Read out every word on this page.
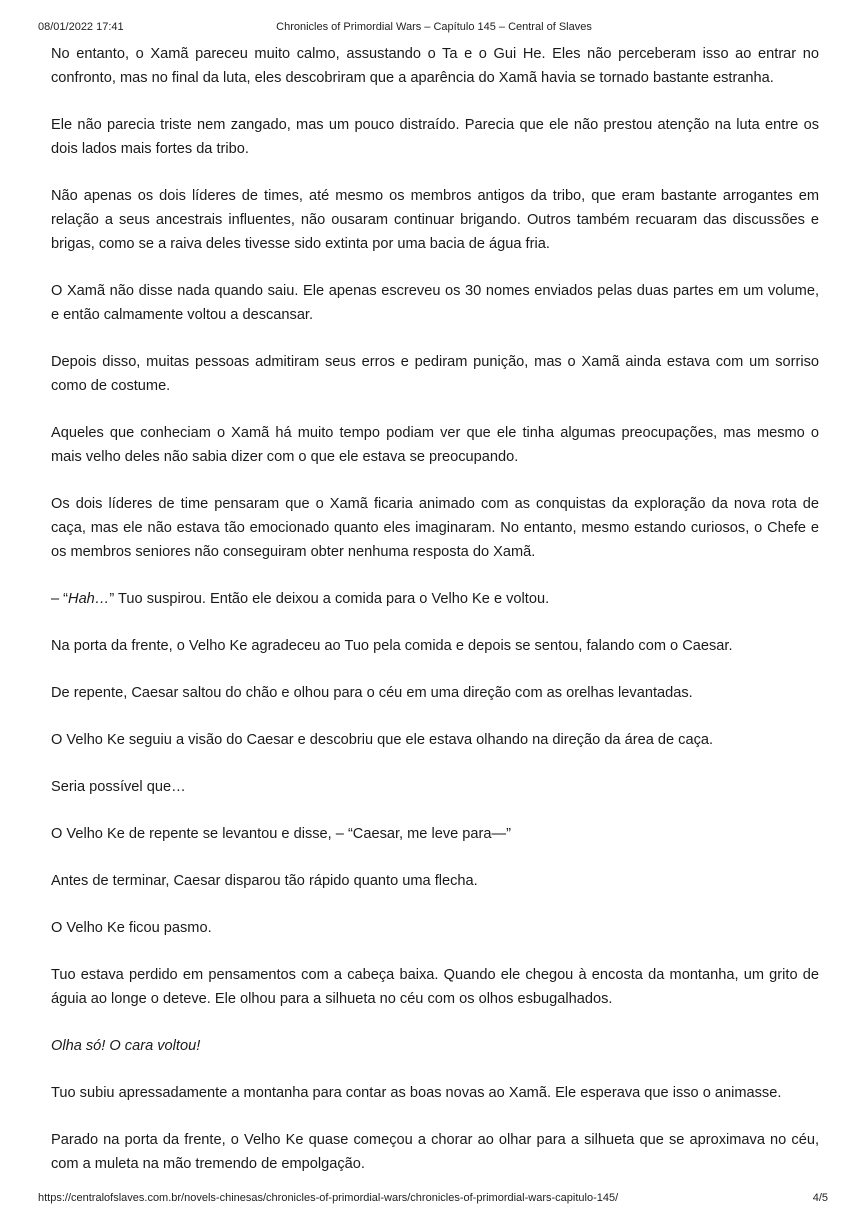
08/01/2022 17:41	Chronicles of Primordial Wars – Capítulo 145 – Central of Slaves

No entanto, o Xamã pareceu muito calmo, assustando o Ta e o Gui He. Eles não perceberam isso ao entrar no confronto, mas no final da luta, eles descobriram que a aparência do Xamã havia se tornado bastante estranha.

Ele não parecia triste nem zangado, mas um pouco distraído. Parecia que ele não prestou atenção na luta entre os dois lados mais fortes da tribo.

Não apenas os dois líderes de times, até mesmo os membros antigos da tribo, que eram bastante arrogantes em relação a seus ancestrais influentes, não ousaram continuar brigando. Outros também recuaram das discussões e brigas, como se a raiva deles tivesse sido extinta por uma bacia de água fria.

O Xamã não disse nada quando saiu. Ele apenas escreveu os 30 nomes enviados pelas duas partes em um volume, e então calmamente voltou a descansar.

Depois disso, muitas pessoas admitiram seus erros e pediram punição, mas o Xamã ainda estava com um sorriso como de costume.

Aqueles que conheciam o Xamã há muito tempo podiam ver que ele tinha algumas preocupações, mas mesmo o mais velho deles não sabia dizer com o que ele estava se preocupando.

Os dois líderes de time pensaram que o Xamã ficaria animado com as conquistas da exploração da nova rota de caça, mas ele não estava tão emocionado quanto eles imaginaram. No entanto, mesmo estando curiosos, o Chefe e os membros seniores não conseguiram obter nenhuma resposta do Xamã.

– “Hah…” Tuo suspirou. Então ele deixou a comida para o Velho Ke e voltou.

Na porta da frente, o Velho Ke agradeceu ao Tuo pela comida e depois se sentou, falando com o Caesar.

De repente, Caesar saltou do chão e olhou para o céu em uma direção com as orelhas levantadas.

O Velho Ke seguiu a visão do Caesar e descobriu que ele estava olhando na direção da área de caça.

Seria possível que…

O Velho Ke de repente se levantou e disse, – “Caesar, me leve para—”

Antes de terminar, Caesar disparou tão rápido quanto uma flecha.

O Velho Ke ficou pasmo.

Tuo estava perdido em pensamentos com a cabeça baixa. Quando ele chegou à encosta da montanha, um grito de águia ao longe o deteve. Ele olhou para a silhueta no céu com os olhos esbugalhados.

Olha só! O cara voltou!

Tuo subiu apressadamente a montanha para contar as boas novas ao Xamã. Ele esperava que isso o animasse.

Parado na porta da frente, o Velho Ke quase começou a chorar ao olhar para a silhueta que se aproximava no céu, com a muleta na mão tremendo de empolgação.

https://centralofslaves.com.br/novels-chinesas/chronicles-of-primordial-wars/chronicles-of-primordial-wars-capitulo-145/	4/5
